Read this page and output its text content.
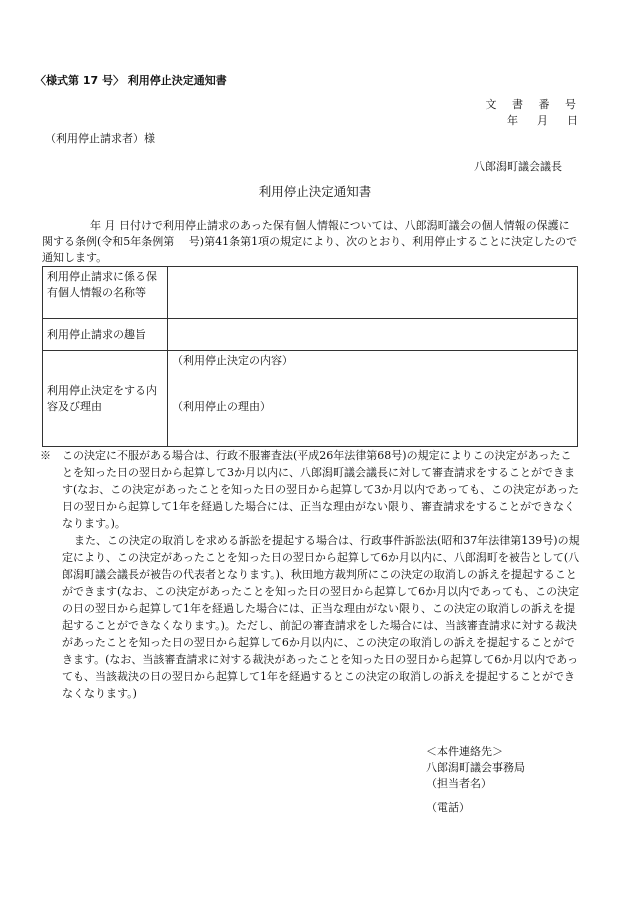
〈様式第 17 号〉 利用停止決定通知書
文 書 番 号
年　月　日
（利用停止請求者）様
八郎潟町議会議長
利用停止決定通知書
年 月 日付けで利用停止請求のあった保有個人情報については、八郎潟町議会の個人情報の保護に関する条例(令和5年条例第　 号)第41条第1項の規定により、次のとおり、利用停止することに決定したので通知します。
利用停止請求に係る保有個人情報の名称等	
利用停止請求の趣旨	
利用停止決定をする内容及び理由	（利用停止決定の内容）
（利用停止の理由）

※　 この決定に不服がある場合は、行政不服審査法(平成26年法律第68号)の規定によりこの決定があったことを知った日の翌日から起算して3か月以内に、八郎潟町議会議長に対して審査請求をすることができます(なお、この決定があったことを知った日の翌日から起算して3か月以内であっても、この決定があった日の翌日から起算して1年を経過した場合には、正当な理由がない限り、審査請求をすることができなくなります。)。

また、この決定の取消しを求める訴訟を提起する場合は、行政事件訴訟法(昭和37年法律第139号)の規定により、この決定があったことを知った日の翌日から起算して6か月以内に、八郎潟町を被告として(八郎潟町議会議長が被告の代表者となります。)、秋田地方裁判所にこの決定の取消しの訴えを提起することができます(なお、この決定があったことを知った日の翌日から起算して6か月以内であっても、この決定の日の翌日から起算して1年を経過した場合には、正当な理由がない限り、この決定の取消しの訴えを提起することができなくなります。)。ただし、前記の審査請求をした場合には、当該審査請求に対する裁決があったことを知った日の翌日から起算して6か月以内に、この決定の取消しの訴えを提起することができます。(なお、当該審査請求に対する裁決があったことを知った日の翌日から起算して6か月以内であっても、当該裁決の日の翌日から起算して1年を経過するとこの決定の取消しの訴えを提起することができなくなります。)

＜本件連絡先＞
八郎潟町議会事務局
（担当者名）
（電話）
